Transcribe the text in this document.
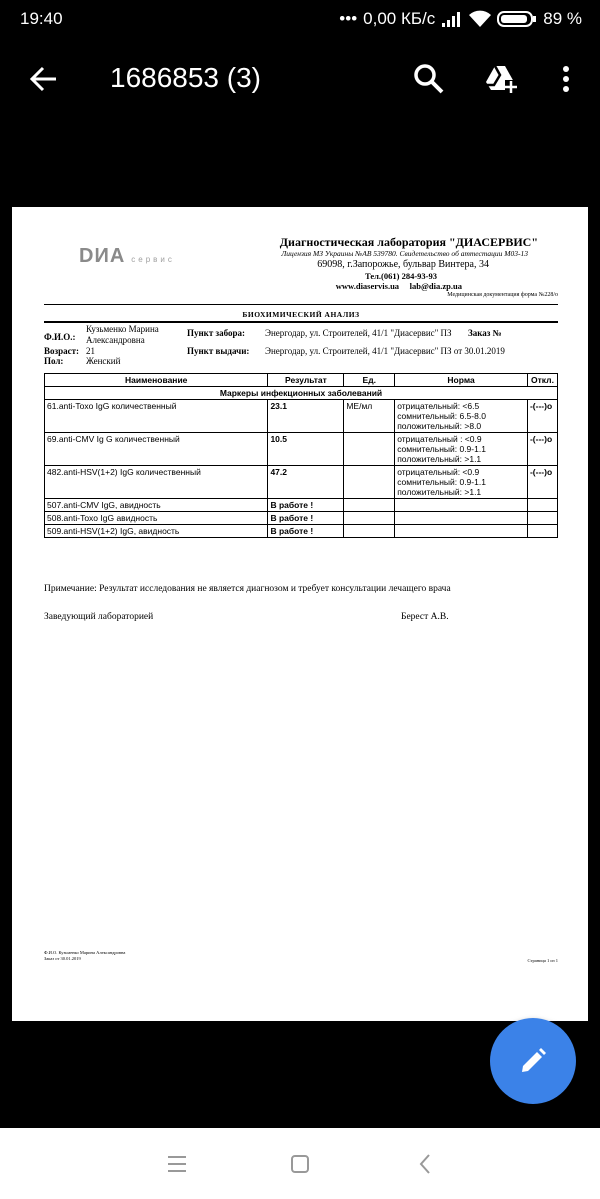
19:40	••• 0,00 КБ/с	89 %
1686853 (3)
DИA сервис
Диагностическая лаборатория "ДИАСЕРВИС"
Лицензия МЗ Украины №АВ 539780. Свидетельство об аттестации М03-13
69098, г.Запорожье, бульвар Винтера, 34
Тел.(061) 284-93-93
www.diaservis.ua     lab@dia.zp.ua
Медицинская документация форма №228/о
БИОХИМИЧЕСКИЙ АНАЛИЗ
Ф.И.О.:
Кузьменко Марина
Александровна
Возраст: 21
Пол:	Женский
Пункт забора: Энергодар, ул. Строителей, 41/1 "Диасервис" ПЗ Заказ №
Пункт выдачи: Энергодар, ул. Строителей, 41/1 "Диасервис" ПЗ от 30.01.2019
Наименование	Результат	Ед.	Норма	Откл.
Маркеры инфекционных заболеваний				
61.anti-Toxo IgG количественный	23.1	МЕ/мл	отрицательный: <6.5
сомнительный: 6.5-8.0
положительный: >8.0	-(---)o
69.anti-CMV Ig G количественный	10.5		отрицательный : <0.9
сомнительный: 0.9-1.1
положительный: >1.1	-(---)o
482.anti-HSV(1+2) IgG количественный	47.2		отрицательный: <0.9
сомнительный: 0.9-1.1
положительный: >1.1	-(---)o
507.anti-CMV IgG, авидность	В работе !			
508.anti-Toxo IgG авидность	В работе !			
509.anti-HSV(1+2) IgG, авидность	В работе !			
Примечание: Результат исследования не является диагнозом и требует консультации лечащего врача
Заведующий лабораторией	Берест А.В.
Ф.И.О. Кузьменко Марина Александровна
Заказ от 30.01.2019	Страница 1 из 1
